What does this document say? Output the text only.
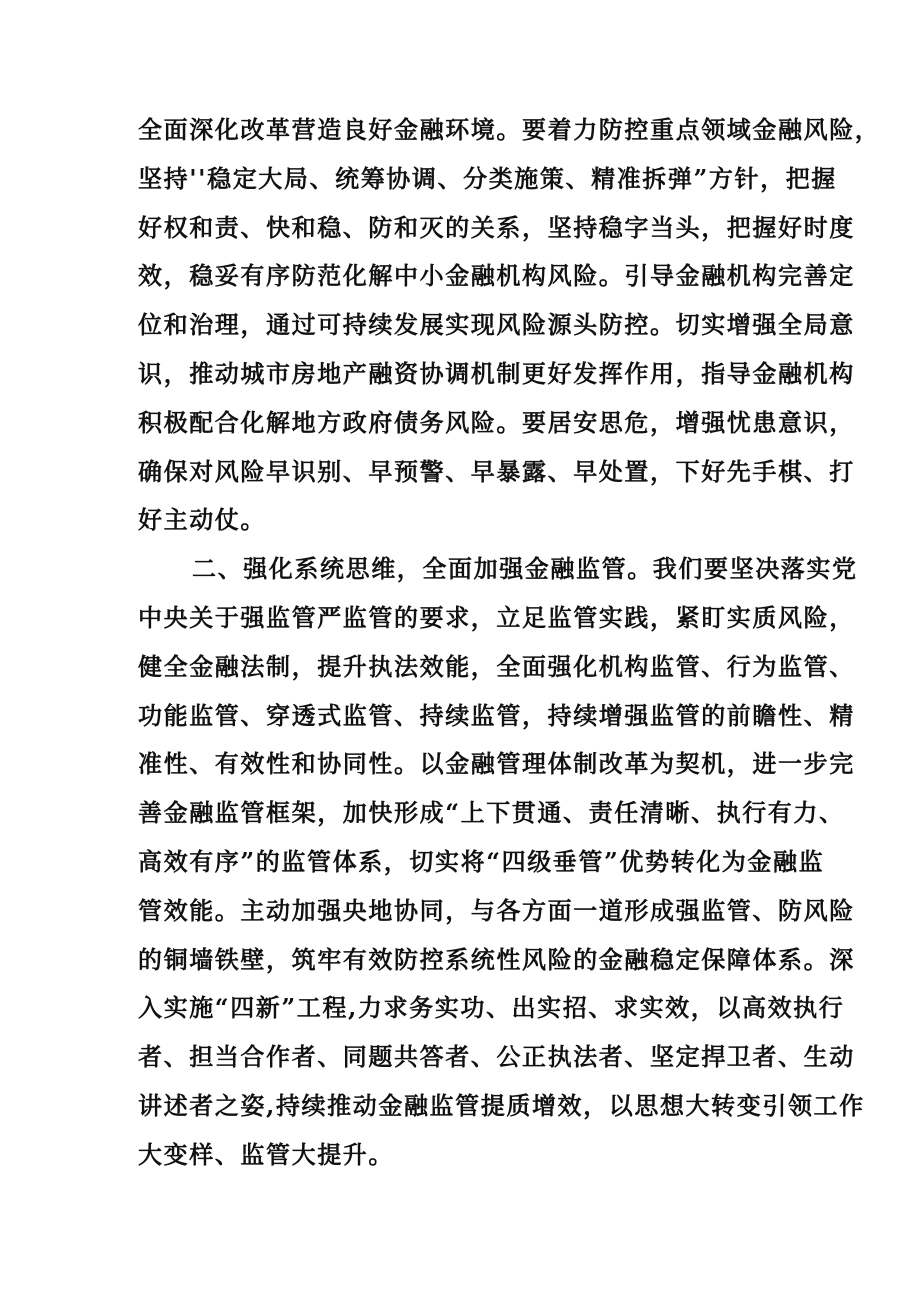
全面深化改革营造良好金融环境。要着力防控重点领域金融风险，
坚持''稳定大局、统筹协调、分类施策、精准拆弹”方针，把握
好权和责、快和稳、防和灭的关系，坚持稳字当头，把握好时度
效，稳妥有序防范化解中小金融机构风险。引导金融机构完善定
位和治理，通过可持续发展实现风险源头防控。切实增强全局意
识，推动城市房地产融资协调机制更好发挥作用，指导金融机构
积极配合化解地方政府债务风险。要居安思危，增强忧患意识，
确保对风险早识别、早预警、早暴露、早处置，下好先手棋、打
好主动仗。
二、强化系统思维，全面加强金融监管。我们要坚决落实党
中央关于强监管严监管的要求，立足监管实践，紧盯实质风险，
健全金融法制，提升执法效能，全面强化机构监管、行为监管、
功能监管、穿透式监管、持续监管，持续增强监管的前瞻性、精
准性、有效性和协同性。以金融管理体制改革为契机，进一步完
善金融监管框架，加快形成“上下贯通、责任清晰、执行有力、
高效有序”的监管体系，切实将“四级垂管”优势转化为金融监
管效能。主动加强央地协同，与各方面一道形成强监管、防风险
的铜墙铁壁，筑牢有效防控系统性风险的金融稳定保障体系。深
入实施“四新”工程,力求务实功、出实招、求实效，以高效执行
者、担当合作者、同题共答者、公正执法者、坚定捍卫者、生动
讲述者之姿,持续推动金融监管提质增效，以思想大转变引领工作
大变样、监管大提升。
